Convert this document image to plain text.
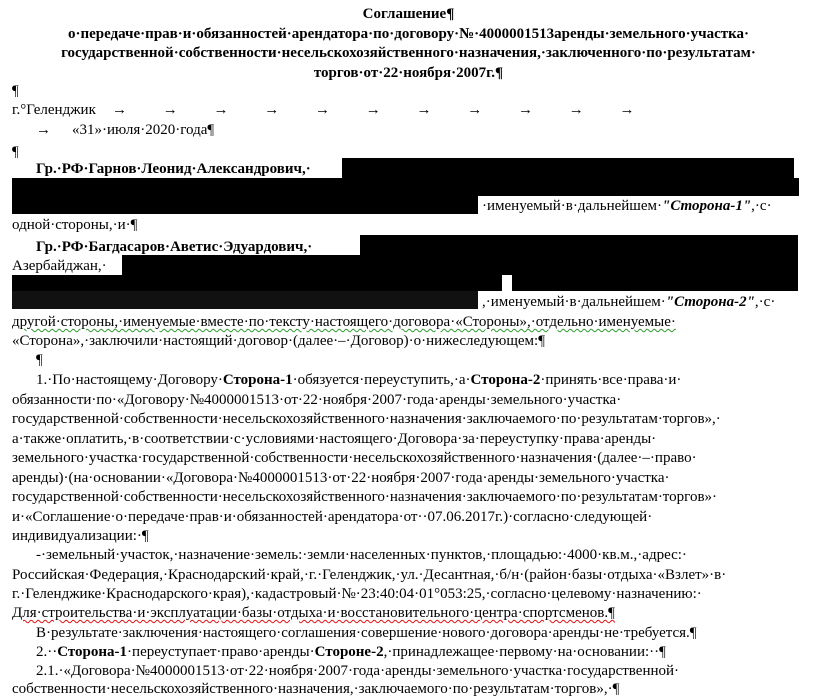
Соглашение¶
о·передаче·прав·и·обязанностей·арендатора·по·договору·№·4000001513аренды·земельного·участка·
государственной·собственности·несельскохозяйственного·назначения,·заключенного·по·результатам·
торгов·от·22·ноября·2007г.¶
¶
г.°Геленджик → → → → → → → → → → →
→ «31»·июля·2020·года¶
¶
Гр.·РФ·Гарнов·Леонид·Александрович,·
·именуемый·в·дальнейшем·"Сторона-1",·с·
одной·стороны,·и·¶
Гр.·РФ·Багдасаров·Аветис·Эдуардович,·
Азербайджан,·
,·именуемый·в·дальнейшем·"Сторона-2",·с·
другой·стороны,·именуемые·вместе·по·тексту·настоящего·договора·«Стороны»,·отдельно·именуемые·
«Сторона»,·заключили·настоящий·договор·(далее·–·Договор)·о·нижеследующем:¶
¶
1.·По·настоящему·Договору·Сторона-1·обязуется·переуступить,·а·Сторона-2·принять·все·права·и·
обязанности·по·«Договору·№4000001513·от·22·ноября·2007·года·аренды·земельного·участка·
государственной·собственности·несельскохозяйственного·назначения·заключаемого·по·результатам·торгов»,·
а·также·оплатить,·в·соответствии·с·условиями·настоящего·Договора·за·переуступку·права·аренды·
земельного·участка·государственной·собственности·несельскохозяйственного·назначения·(далее·–·право·
аренды)·(на·основании·«Договора·№4000001513·от·22·ноября·2007·года·аренды·земельного·участка·
государственной·собственности·несельскохозяйственного·назначения·заключаемого·по·результатам·торгов»·
и·«Соглашение·о·передаче·прав·и·обязанностей·арендатора·от··07.06.2017г.)·согласно·следующей·
индивидуализации:·¶
-·земельный·участок,·назначение·земель:·земли·населенных·пунктов,·площадью:·4000·кв.м.,·адрес:·
Российская·Федерация,·Краснодарский·край,·г.·Геленджик,·ул.·Десантная,·б/н·(район·базы·отдыха·«Взлет»·в·
г.·Геленджике·Краснодарского·края),·кадастровый·№·23:40:04·01°053:25,·согласно·целевому·назначению:·
Для·строительства·и·эксплуатации·базы·отдыха·и·восстановительного·центра·спортсменов.¶
В·результате·заключения·настоящего·соглашения·совершение·нового·договора·аренды·не·требуется.¶
2.··Сторона-1·переуступает·право·аренды·Стороне-2,·принадлежащее·первому·на·основании:··¶
2.1.·«Договора·№4000001513·от·22·ноября·2007·года·аренды·земельного·участка·государственной·
собственности·несельскохозяйственного·назначения,·заключаемого·по·результатам·торгов»,·¶
